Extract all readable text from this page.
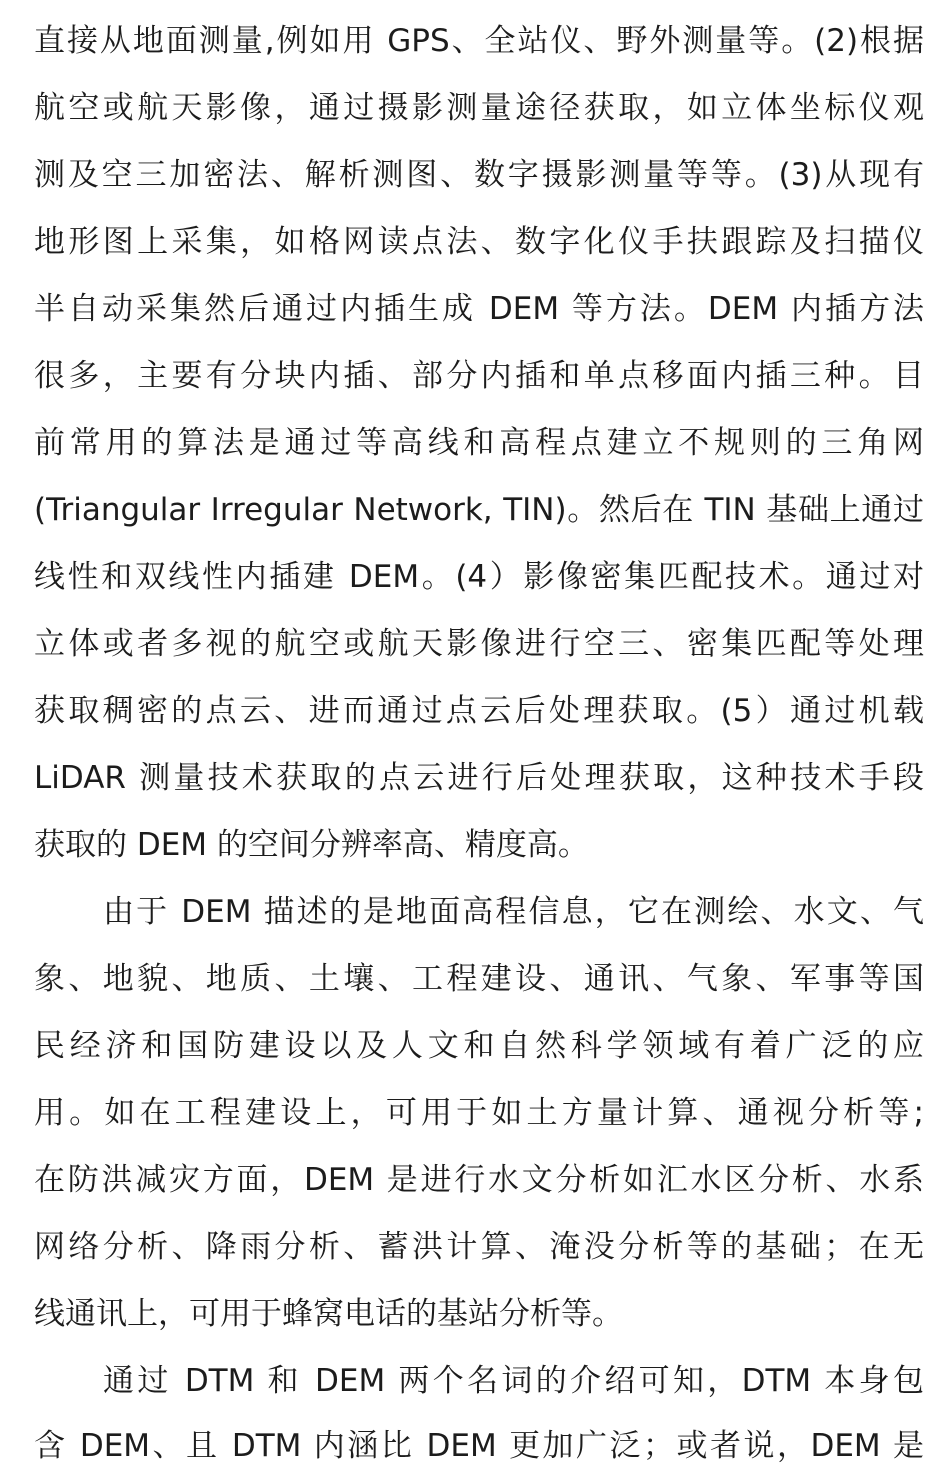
直接从地面测量,例如用 GPS、全站仪、野外测量等。(2)根据
航空或航天影像，通过摄影测量途径获取，如立体坐标仪观
测及空三加密法、解析测图、数字摄影测量等等。(3)从现有
地形图上采集，如格网读点法、数字化仪手扶跟踪及扫描仪
半自动采集然后通过内插生成 DEM 等方法。DEM 内插方法
很多，主要有分块内插、部分内插和单点移面内插三种。目
前常用的算法是通过等高线和高程点建立不规则的三角网
(Triangular Irregular Network, TIN)。然后在 TIN 基础上通过
线性和双线性内插建 DEM。(4）影像密集匹配技术。通过对
立体或者多视的航空或航天影像进行空三、密集匹配等处理
获取稠密的点云、进而通过点云后处理获取。(5）通过机载
LiDAR 测量技术获取的点云进行后处理获取，这种技术手段
获取的 DEM 的空间分辨率高、精度高。
由于 DEM 描述的是地面高程信息，它在测绘、水文、气
象、地貌、地质、土壤、工程建设、通讯、气象、军事等国
民经济和国防建设以及人文和自然科学领域有着广泛的应
用。如在工程建设上，可用于如土方量计算、通视分析等;
在防洪减灾方面，DEM 是进行水文分析如汇水区分析、水系
网络分析、降雨分析、蓄洪计算、淹没分析等的基础；在无
线通讯上，可用于蜂窝电话的基站分析等。
通过 DTM 和 DEM 两个名词的介绍可知，DTM 本身包
含 DEM、且 DTM 内涵比 DEM 更加广泛；或者说，DEM 是
